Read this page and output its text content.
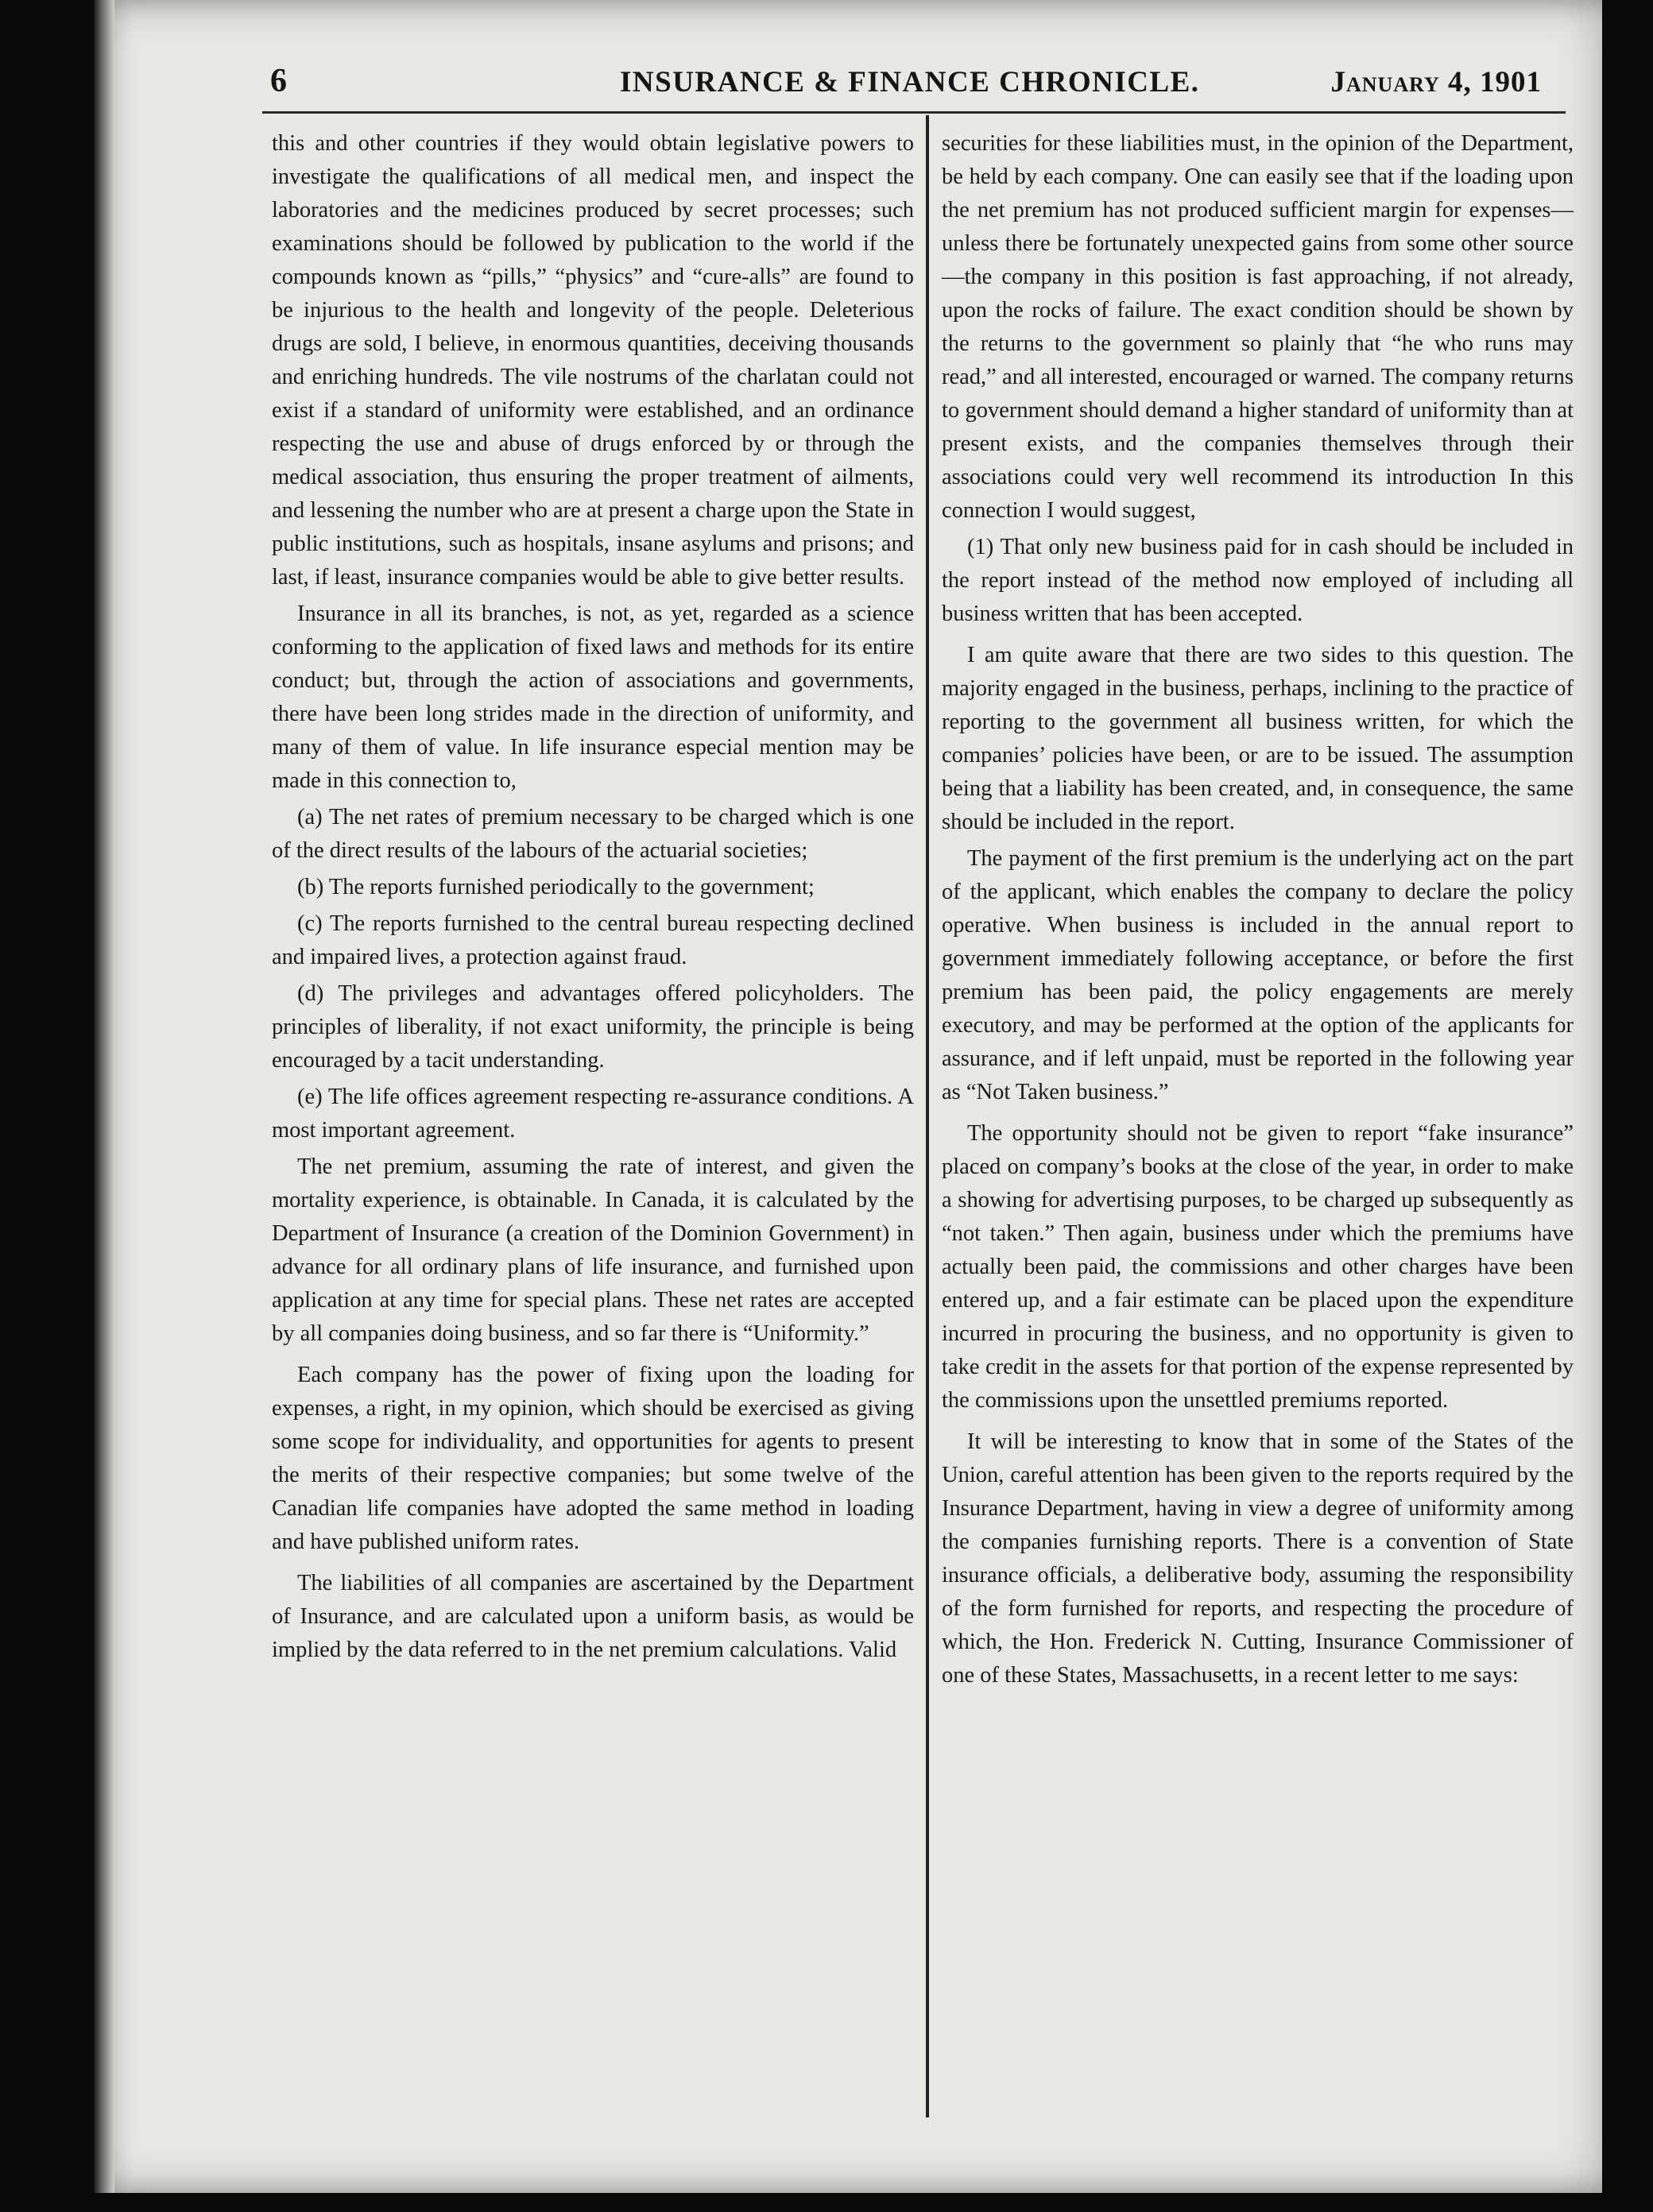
6	INSURANCE & FINANCE CHRONICLE.	January 4, 1901

this and other countries if they would obtain legislative powers to investigate the qualifications of all medical men, and inspect the laboratories and the medicines produced by secret processes; such examinations should be followed by publication to the world if the compounds known as “pills,” “physics” and “cure-alls” are found to be injurious to the health and longevity of the people. Deleterious drugs are sold, I believe, in enormous quantities, deceiving thousands and enriching hundreds. The vile nostrums of the charlatan could not exist if a standard of uniformity were established, and an ordinance respecting the use and abuse of drugs enforced by or through the medical association, thus ensuring the proper treatment of ailments, and lessening the number who are at present a charge upon the State in public institutions, such as hospitals, insane asylums and prisons; and last, if least, insurance companies would be able to give better results.

Insurance in all its branches, is not, as yet, regarded as a science conforming to the application of fixed laws and methods for its entire conduct; but, through the action of associations and governments, there have been long strides made in the direction of uniformity, and many of them of value. In life insurance especial mention may be made in this connection to,

(a) The net rates of premium necessary to be charged which is one of the direct results of the labours of the actuarial societies;

(b) The reports furnished periodically to the government;

(c) The reports furnished to the central bureau respecting declined and impaired lives, a protection against fraud.

(d) The privileges and advantages offered policyholders. The principles of liberality, if not exact uniformity, the principle is being encouraged by a tacit understanding.

(e) The life offices agreement respecting re-assurance conditions. A most important agreement.

The net premium, assuming the rate of interest, and given the mortality experience, is obtainable. In Canada, it is calculated by the Department of Insurance (a creation of the Dominion Government) in advance for all ordinary plans of life insurance, and furnished upon application at any time for special plans. These net rates are accepted by all companies doing business, and so far there is “Uniformity.”

Each company has the power of fixing upon the loading for expenses, a right, in my opinion, which should be exercised as giving some scope for individuality, and opportunities for agents to present the merits of their respective companies; but some twelve of the Canadian life companies have adopted the same method in loading and have published uniform rates.

The liabilities of all companies are ascertained by the Department of Insurance, and are calculated upon a uniform basis, as would be implied by the data referred to in the net premium calculations. Valid

securities for these liabilities must, in the opinion of the Department, be held by each company. One can easily see that if the loading upon the net premium has not produced sufficient margin for expenses—unless there be fortunately unexpected gains from some other source—the company in this position is fast approaching, if not already, upon the rocks of failure. The exact condition should be shown by the returns to the government so plainly that “he who runs may read,” and all interested, encouraged or warned. The company returns to government should demand a higher standard of uniformity than at present exists, and the companies themselves through their associations could very well recommend its introduction In this connection I would suggest,

(1) That only new business paid for in cash should be included in the report instead of the method now employed of including all business written that has been accepted.

I am quite aware that there are two sides to this question. The majority engaged in the business, perhaps, inclining to the practice of reporting to the government all business written, for which the companies’ policies have been, or are to be issued. The assumption being that a liability has been created, and, in consequence, the same should be included in the report.

The payment of the first premium is the underlying act on the part of the applicant, which enables the company to declare the policy operative. When business is included in the annual report to government immediately following acceptance, or before the first premium has been paid, the policy engagements are merely executory, and may be performed at the option of the applicants for assurance, and if left unpaid, must be reported in the following year as “Not Taken business.”

The opportunity should not be given to report “fake insurance” placed on company’s books at the close of the year, in order to make a showing for advertising purposes, to be charged up subsequently as “not taken.” Then again, business under which the premiums have actually been paid, the commissions and other charges have been entered up, and a fair estimate can be placed upon the expenditure incurred in procuring the business, and no opportunity is given to take credit in the assets for that portion of the expense represented by the commissions upon the unsettled premiums reported.

It will be interesting to know that in some of the States of the Union, careful attention has been given to the reports required by the Insurance Department, having in view a degree of uniformity among the companies furnishing reports. There is a convention of State insurance officials, a deliberative body, assuming the responsibility of the form furnished for reports, and respecting the procedure of which, the Hon. Frederick N. Cutting, Insurance Commissioner of one of these States, Massachusetts, in a recent letter to me says:
